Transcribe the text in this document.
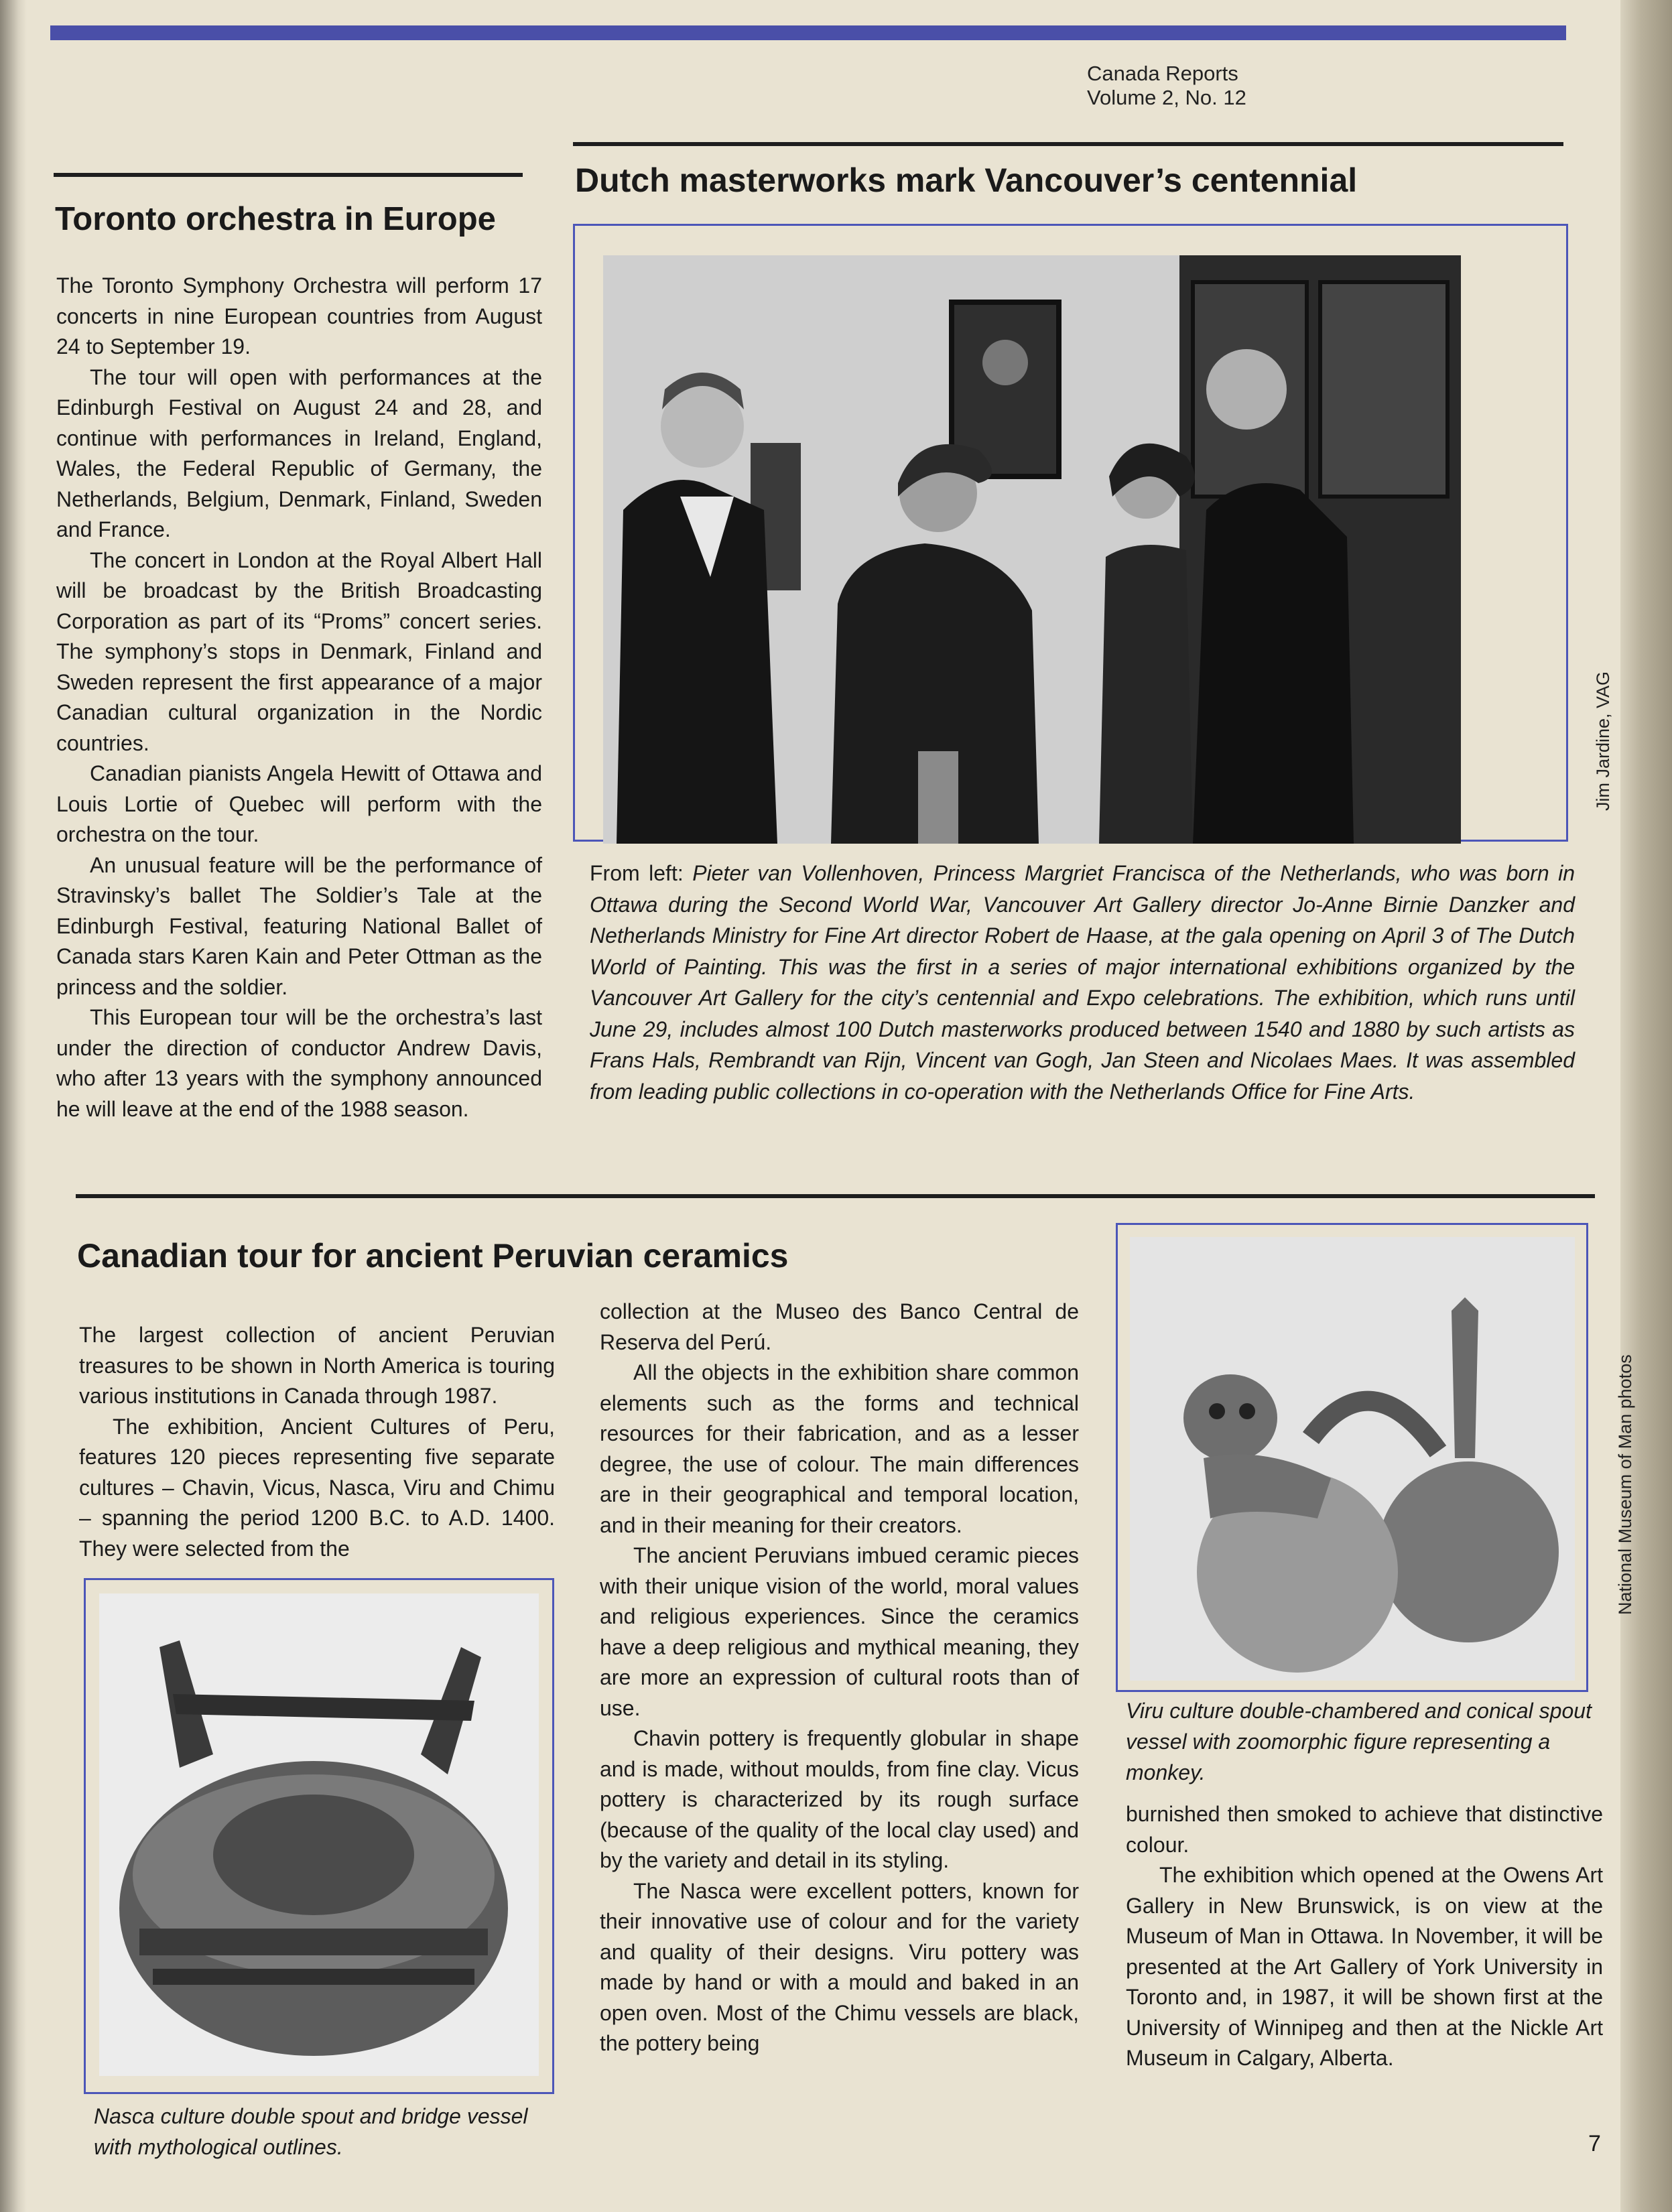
Canada Reports
Volume 2, No. 12
Toronto orchestra in Europe

The Toronto Symphony Orchestra will perform 17 concerts in nine European countries from August 24 to September 19.

The tour will open with performances at the Edinburgh Festival on August 24 and 28, and continue with performances in Ireland, England, Wales, the Federal Republic of Germany, the Netherlands, Belgium, Denmark, Finland, Sweden and France.

The concert in London at the Royal Albert Hall will be broadcast by the British Broadcasting Corporation as part of its “Proms” concert series. The symphony’s stops in Denmark, Finland and Sweden represent the first appearance of a major Canadian cultural organization in the Nordic countries.

Canadian pianists Angela Hewitt of Ottawa and Louis Lortie of Quebec will perform with the orchestra on the tour.

An unusual feature will be the performance of Stravinsky’s ballet The Soldier’s Tale at the Edinburgh Festival, featuring National Ballet of Canada stars Karen Kain and Peter Ottman as the princess and the soldier.

This European tour will be the orchestra’s last under the direction of conductor Andrew Davis, who after 13 years with the symphony announced he will leave at the end of the 1988 season.

Dutch masterworks mark Vancouver’s centennial
Jim Jardine, VAG
From left: Pieter van Vollenhoven, Princess Margriet Francisca of the Netherlands, who was born in Ottawa during the Second World War, Vancouver Art Gallery director Jo-Anne Birnie Danzker and Netherlands Ministry for Fine Art director Robert de Haase, at the gala opening on April 3 of The Dutch World of Painting. This was the first in a series of major international exhibitions organized by the Vancouver Art Gallery for the city’s centennial and Expo celebrations. The exhibition, which runs until June 29, includes almost 100 Dutch masterworks produced between 1540 and 1880 by such artists as Frans Hals, Rembrandt van Rijn, Vincent van Gogh, Jan Steen and Nicolaes Maes. It was assembled from leading public collections in co-operation with the Netherlands Office for Fine Arts.
Canadian tour for ancient Peruvian ceramics

The largest collection of ancient Peruvian treasures to be shown in North America is touring various institutions in Canada through 1987.

The exhibition, Ancient Cultures of Peru, features 120 pieces representing five separate cultures – Chavin, Vicus, Nasca, Viru and Chimu – spanning the period 1200 B.C. to A.D. 1400. They were selected from the

Nasca culture double spout and bridge vessel with mythological outlines.

collection at the Museo des Banco Central de Reserva del Perú.

All the objects in the exhibition share common elements such as the forms and technical resources for their fabrication, and as a lesser degree, the use of colour. The main differences are in their geographical and temporal location, and in their meaning for their creators.

The ancient Peruvians imbued ceramic pieces with their unique vision of the world, moral values and religious experiences. Since the ceramics have a deep religious and mythical meaning, they are more an expression of cultural roots than of use.

Chavin pottery is frequently globular in shape and is made, without moulds, from fine clay. Vicus pottery is characterized by its rough surface (because of the quality of the local clay used) and by the variety and detail in its styling.

The Nasca were excellent potters, known for their innovative use of colour and for the variety and quality of their designs. Viru pottery was made by hand or with a mould and baked in an open oven. Most of the Chimu vessels are black, the pottery being

National Museum of Man photos
Viru culture double-chambered and conical spout vessel with zoomorphic figure representing a monkey.

burnished then smoked to achieve that distinctive colour.

The exhibition which opened at the Owens Art Gallery in New Brunswick, is on view at the Museum of Man in Ottawa. In November, it will be presented at the Art Gallery of York University in Toronto and, in 1987, it will be shown first at the University of Winnipeg and then at the Nickle Art Museum in Calgary, Alberta.

7
